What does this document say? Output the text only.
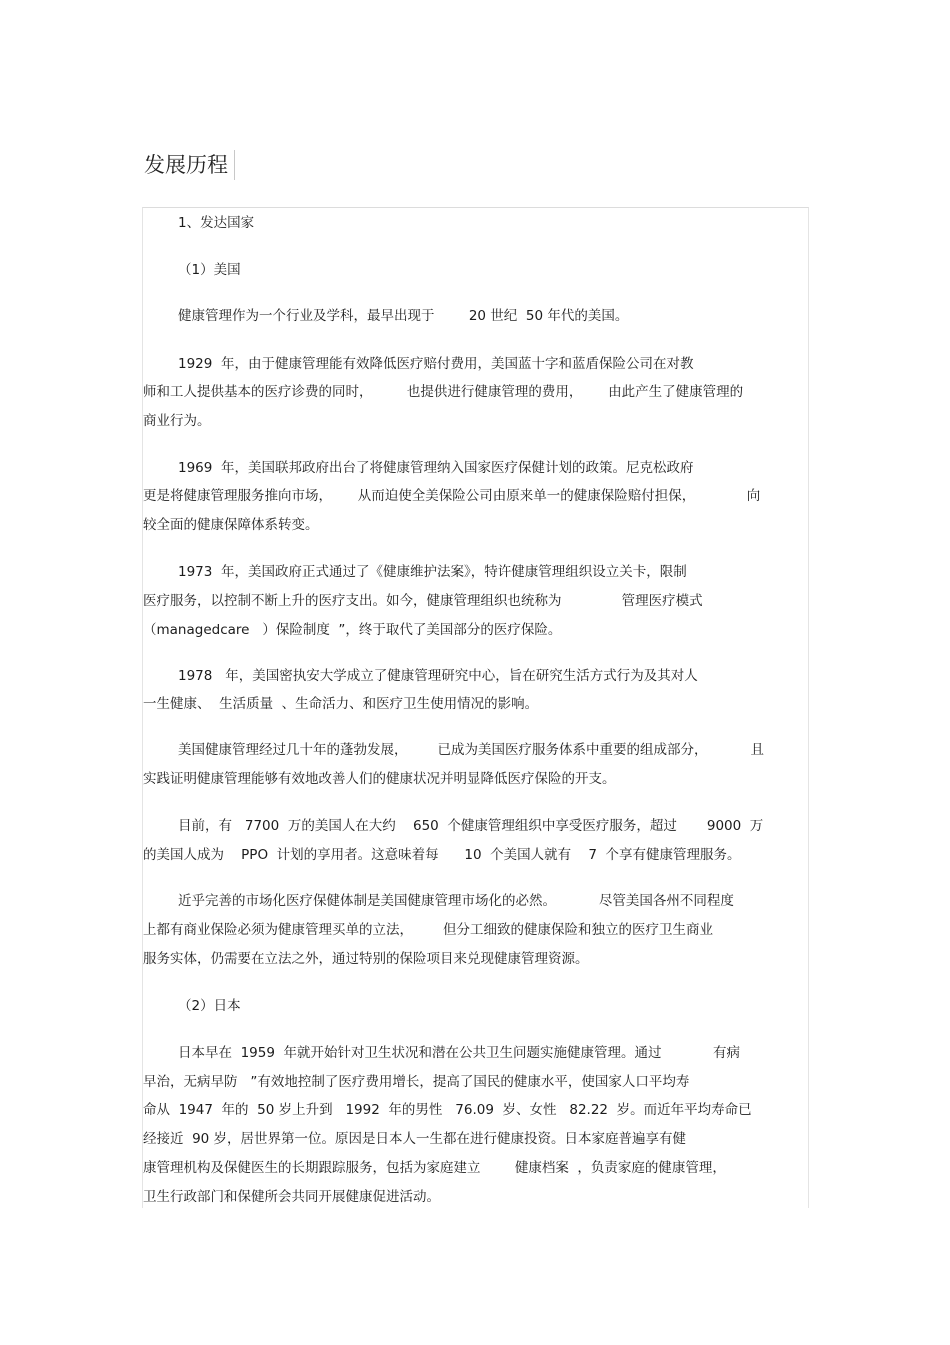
发展历程
1、发达国家
（1）美国
健康管理作为一个行业及学科，最早出现于        20 世纪  50 年代的美国。
1929  年，由于健康管理能有效降低医疗赔付费用，美国蓝十字和蓝盾保险公司在对教
师和工人提供基本的医疗诊费的同时，        也提供进行健康管理的费用，      由此产生了健康管理的
商业行为。
1969  年，美国联邦政府出台了将健康管理纳入国家医疗保健计划的政策。尼克松政府
更是将健康管理服务推向市场，      从而迫使全美保险公司由原来单一的健康保险赔付担保，            向
较全面的健康保障体系转变。
1973  年，美国政府正式通过了《健康维护法案》，特许健康管理组织设立关卡，限制
医疗服务，以控制不断上升的医疗支出。如今，健康管理组织也统称为              管理医疗模式
（managedcare   ）保险制度  ”，终于取代了美国部分的医疗保险。
1978   年，美国密执安大学成立了健康管理研究中心，旨在研究生活方式行为及其对人
一生健康、  生活质量  、生命活力、和医疗卫生使用情况的影响。
美国健康管理经过几十年的蓬勃发展，       已成为美国医疗服务体系中重要的组成部分，          且
实践证明健康管理能够有效地改善人们的健康状况并明显降低医疗保险的开支。
目前，有   7700  万的美国人在大约    650  个健康管理组织中享受医疗服务，超过       9000  万
的美国人成为    PPO  计划的享用者。这意味着每      10  个美国人就有    7  个享有健康管理服务。
近乎完善的市场化医疗保健体制是美国健康管理市场化的必然。          尽管美国各州不同程度
上都有商业保险必须为健康管理买单的立法，       但分工细致的健康保险和独立的医疗卫生商业
服务实体，仍需要在立法之外，通过特别的保险项目来兑现健康管理资源。
（2）日本
日本早在  1959  年就开始针对卫生状况和潜在公共卫生问题实施健康管理。通过            有病
早治，无病早防   ”有效地控制了医疗费用增长，提高了国民的健康水平，使国家人口平均寿
命从  1947  年的  50 岁上升到   1992  年的男性   76.09  岁、女性   82.22  岁。而近年平均寿命已
经接近  90 岁，居世界第一位。原因是日本人一生都在进行健康投资。日本家庭普遍享有健
康管理机构及保健医生的长期跟踪服务，包括为家庭建立        健康档案  ，负责家庭的健康管理，
卫生行政部门和保健所会共同开展健康促进活动。
